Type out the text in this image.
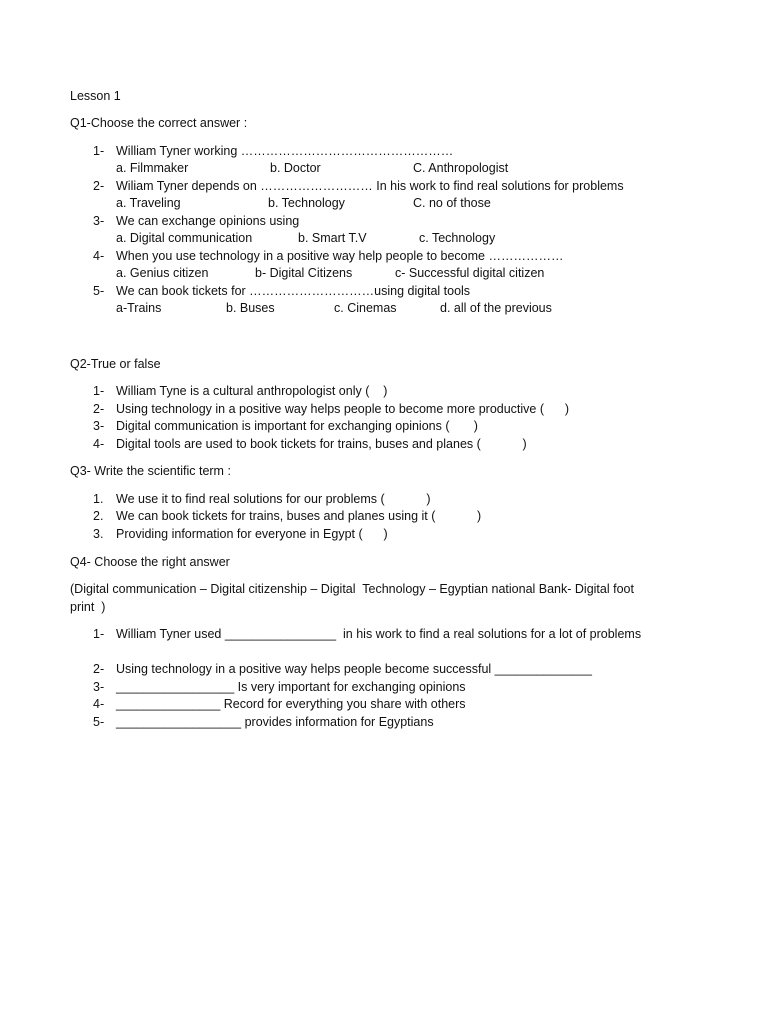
Lesson 1
Q1-Choose the correct answer :
1- William Tyner working ……………………………………………
a. Filmmaker	b. Doctor	C. Anthropologist
2- Wiliam Tyner depends on ……………………… In his work to find real solutions for problems
a. Traveling	b. Technology	C. no of those
3- We can exchange opinions using
a. Digital communication	b. Smart T.V	c. Technology
4- When you use technology in a positive way help people to become ………………
a. Genius citizen	b- Digital Citizens	c- Successful digital citizen
5- We can book tickets for …………………………using digital tools
a-Trains	b. Buses	c. Cinemas	d. all of the previous
Q2-True or false
1- William Tyne is a cultural anthropologist only (    )
2- Using technology in a positive way helps people to become more productive (      )
3- Digital communication is important for exchanging opinions (       )
4- Digital tools are used to book tickets for trains, buses and planes (            )
Q3- Write the scientific term :
1. We use it to find real solutions for our problems (            )
2. We can book tickets for trains, buses and planes using it (            )
3. Providing information for everyone in Egypt (      )
Q4- Choose the right answer
(Digital communication – Digital citizenship – Digital  Technology – Egyptian national Bank- Digital foot
print  )
1- William Tyner used ________________  in his work to find a real solutions for a lot of problems
2- Using technology in a positive way helps people become successful ______________
3- _________________ Is very important for exchanging opinions
4- _______________ Record for everything you share with others
5- __________________ provides information for Egyptians
